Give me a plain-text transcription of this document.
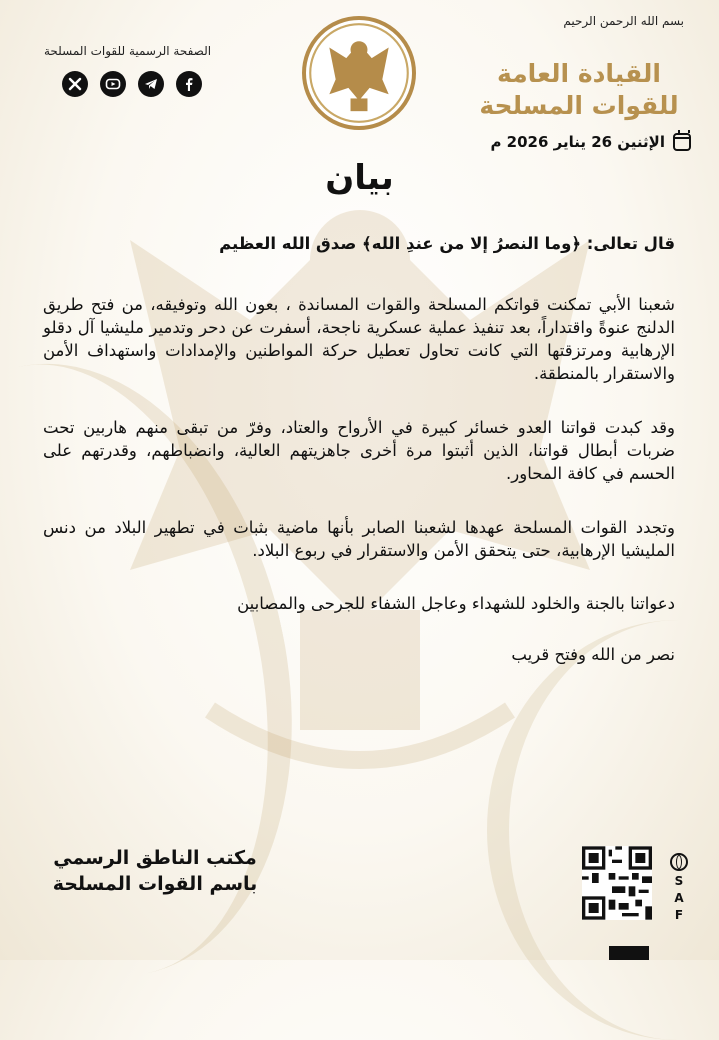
بسم الله الرحمن الرحيم
القيادة العامة
للقوات المسلحة
الإثنين 26 يناير 2026 م
الصفحة الرسمية للقوات المسلحة
بيان

قال تعالى: ﴿وما النصرُ إلا من عندِ الله﴾ صدق الله العظيم

شعبنا الأبي تمكنت قواتكم المسلحة والقوات المساندة ، بعون الله وتوفيقه، من فتح طريق الدلنج عنوةً واقتداراً، بعد تنفيذ عملية عسكرية ناجحة، أسفرت عن دحر وتدمير مليشيا آل دقلو الإرهابية ومرتزقتها التي كانت تحاول تعطيل حركة المواطنين والإمدادات واستهداف الأمن والاستقرار بالمنطقة.

وقد كبدت قواتنا العدو خسائر كبيرة في الأرواح والعتاد، وفرّ من تبقى منهم هاربين تحت ضربات أبطال قواتنا، الذين أثبتوا مرة أخرى جاهزيتهم العالية، وانضباطهم، وقدرتهم على الحسم في كافة المحاور.

وتجدد القوات المسلحة عهدها لشعبنا الصابر بأنها ماضية بثبات في تطهير البلاد من دنس المليشيا الإرهابية، حتى يتحقق الأمن والاستقرار في ربوع البلاد.

دعواتنا بالجنة والخلود للشهداء وعاجل الشفاء للجرحى والمصابين

نصر من الله وفتح قريب

مكتب الناطق الرسمي
باسم القوات المسلحة	S
A
F
